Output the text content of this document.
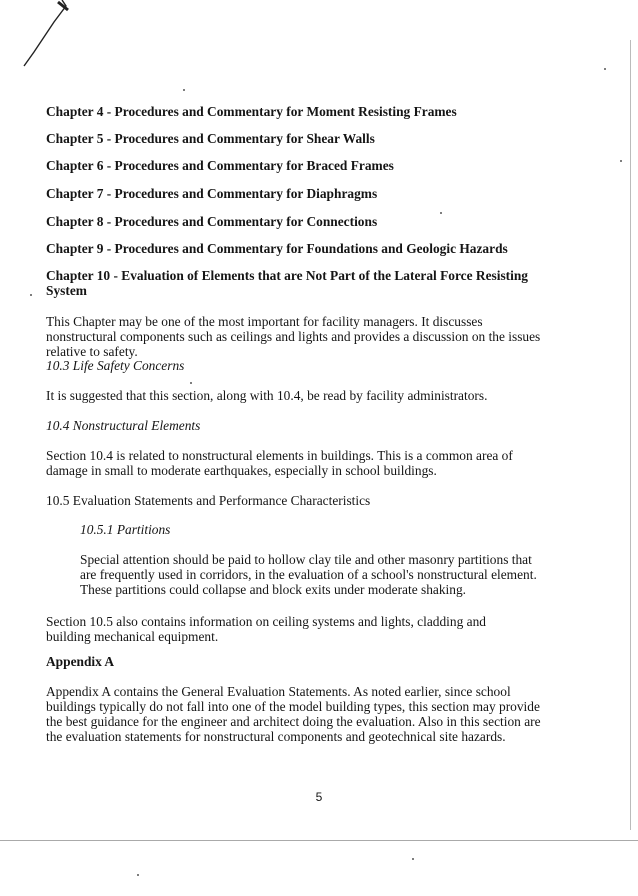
Chapter 4 - Procedures and Commentary for Moment Resisting Frames

Chapter 5 - Procedures and Commentary for Shear Walls

Chapter 6 - Procedures and Commentary for Braced Frames

Chapter 7 - Procedures and Commentary for Diaphragms

Chapter 8 - Procedures and Commentary for Connections

Chapter 9 - Procedures and Commentary for Foundations and Geologic Hazards

Chapter 10 - Evaluation of Elements that are Not Part of the Lateral Force Resisting System

This Chapter may be one of the most important for facility managers. It discusses nonstructural components such as ceilings and lights and provides a discussion on the issues relative to safety.

10.3 Life Safety Concerns

It is suggested that this section, along with 10.4, be read by facility administrators.

10.4 Nonstructural Elements

Section 10.4 is related to nonstructural elements in buildings. This is a common area of damage in small to moderate earthquakes, especially in school buildings.

10.5 Evaluation Statements and Performance Characteristics

10.5.1 Partitions

Special attention should be paid to hollow clay tile and other masonry partitions that are frequently used in corridors, in the evaluation of a school's nonstructural element. These partitions could collapse and block exits under moderate shaking.

Section 10.5 also contains information on ceiling systems and lights, cladding and building mechanical equipment.

Appendix A

Appendix A contains the General Evaluation Statements. As noted earlier, since school buildings typically do not fall into one of the model building types, this section may provide the best guidance for the engineer and architect doing the evaluation. Also in this section are the evaluation statements for nonstructural components and geotechnical site hazards.

5
